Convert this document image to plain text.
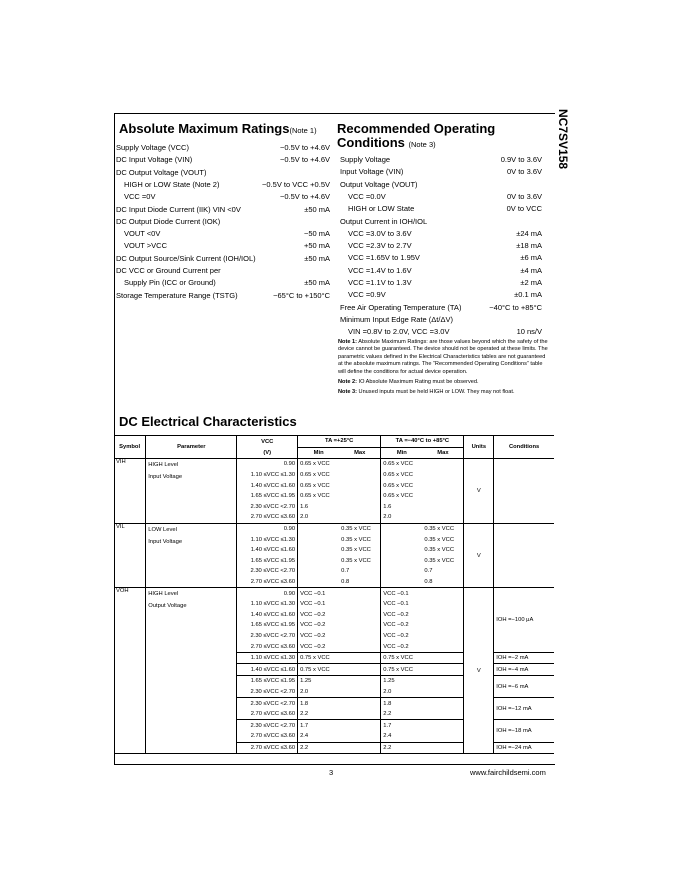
NC7SV158
Absolute Maximum Ratings(Note 1) Recommended Operating
Conditions (Note 3)

Note 1: Absolute Maximum Ratings: are those values beyond which the safety of the device cannot be guaranteed. The device should not be operated at these limits. The parametric values defined in the Electrical Characteristics tables are not guaranteed at the absolute maximum ratings. The “Recommended Operating Conditions” table will define the conditions for actual device operation.

Note 2: IO Absolute Maximum Rating must be observed.

Note 3: Unused inputs must be held HIGH or LOW. They may not float.

DC Electrical Characteristics
Symbol	Parameter	VCC	TA =+25°C		TA =−40°C to +85°C		Units	Conditions
		(V)	Min	Max	Min	Max		
VIH	HIGH Level
Input Voltage	0.90	0.65 x VCC		0.65 x VCC		V	
		1.10 ≤VCC ≤1.30	0.65 x VCC		0.65 x VCC			
		1.40 ≤VCC ≤1.60	0.65 x VCC		0.65 x VCC			
		1.65 ≤VCC ≤1.95	0.65 x VCC		0.65 x VCC			
		2.30 ≤VCC <2.70	1.6		1.6			
		2.70 ≤VCC ≤3.60	2.0		2.0			
VIL	LOW Level
Input Voltage	0.90		0.35 x VCC		0.35 x VCC	V	
		1.10 ≤VCC ≤1.30		0.35 x VCC		0.35 x VCC		
		1.40 ≤VCC ≤1.60		0.35 x VCC		0.35 x VCC		
		1.65 ≤VCC ≤1.95		0.35 x VCC		0.35 x VCC		
		2.30 ≤VCC <2.70		0.7		0.7		
		2.70 ≤VCC ≤3.60		0.8		0.8		
VOH	HIGH Level
Output Voltage	0.90	VCC −0.1		VCC −0.1		V	IOH =−100 μA
		1.10 ≤VCC ≤1.30	VCC −0.1		VCC −0.1			
		1.40 ≤VCC ≤1.60	VCC −0.2		VCC −0.2			
		1.65 ≤VCC ≤1.95	VCC −0.2		VCC −0.2			
		2.30 ≤VCC <2.70	VCC −0.2		VCC −0.2			
		2.70 ≤VCC ≤3.60	VCC −0.2		VCC −0.2			
		1.10 ≤VCC ≤1.30	0.75 x VCC		0.75 x VCC			IOH =−2 mA
		1.40 ≤VCC ≤1.60	0.75 x VCC		0.75 x VCC			IOH =−4 mA
		1.65 ≤VCC ≤1.95	1.25		1.25			IOH =−6 mA
		2.30 ≤VCC <2.70	2.0		2.0			
		2.30 ≤VCC <2.70	1.8		1.8			IOH =−12 mA
		2.70 ≤VCC ≤3.60	2.2		2.2			
		2.30 ≤VCC <2.70	1.7		1.7			IOH =−18 mA
		2.70 ≤VCC ≤3.60	2.4		2.4			
		2.70 ≤VCC ≤3.60	2.2		2.2			IOH =−24 mA
3	www.fairchildsemi.com
Supply Voltage (VCC)	−0.5V to +4.6V
DC Input Voltage (VIN)	−0.5V to +4.6V
DC Output Voltage (VOUT)
HIGH or LOW State (Note 2)	−0.5V to VCC +0.5V
VCC =0V	−0.5V to +4.6V
DC Input Diode Current (IIK) VIN <0V	±50 mA
DC Output Diode Current (IOK)
VOUT <0V	−50 mA
VOUT >VCC	+50 mA
DC Output Source/Sink Current (IOH/IOL)	±50 mA
DC VCC or Ground Current per
Supply Pin (ICC or Ground)	±50 mA
Storage Temperature Range (TSTG)	−65°C to +150°C
Supply Voltage	0.9V to 3.6V
Input Voltage (VIN)	0V to 3.6V
Output Voltage (VOUT)
VCC =0.0V	0V to 3.6V
HIGH or LOW State	0V to VCC
Output Current in IOH/IOL
VCC =3.0V to 3.6V	±24 mA
VCC =2.3V to 2.7V	±18 mA
VCC =1.65V to 1.95V	±6 mA
VCC =1.4V to 1.6V	±4 mA
VCC =1.1V to 1.3V	±2 mA
VCC =0.9V	±0.1 mA
Free Air Operating Temperature (TA)	−40°C to +85°C
Minimum Input Edge Rate (Δt/ΔV)
VIN =0.8V to 2.0V, VCC =3.0V	10 ns/V
